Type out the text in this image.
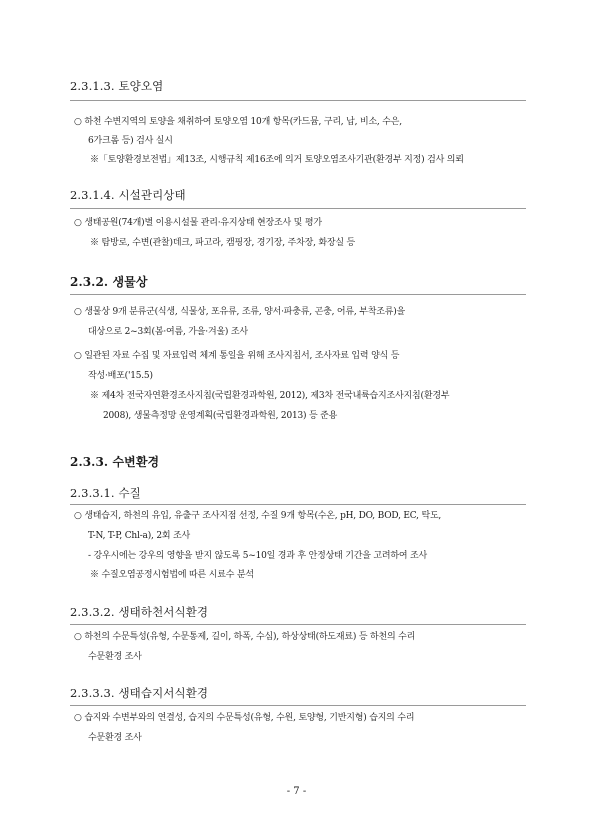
2.3.1.3. 토양오염
○ 하천 수변지역의 토양을 채취하여 토양오염 10개 항목(카드뮴, 구리, 납, 비소, 수은,
6가크롬 등) 검사 실시
※「토양환경보전법」제13조, 시행규칙 제16조에 의거 토양오염조사기관(환경부 지정) 검사 의뢰
2.3.1.4. 시설관리상태
○ 생태공원(74개)별 이용시설물 관리·유지상태 현장조사 및 평가
※ 탐방로, 수변(관찰)데크, 파고라, 캠핑장, 경기장, 주차장, 화장실 등
2.3.2. 생물상
○ 생물상 9개 분류군(식생, 식물상, 포유류, 조류, 양서·파충류, 곤충, 어류, 부착조류)을
대상으로 2~3회(봄·여름, 가을·겨울) 조사
○ 일관된 자료 수집 및 자료입력 체계 통일을 위해 조사지침서, 조사자료 입력 양식 등
작성·배포('15.5)
※ 제4차 전국자연환경조사지침(국립환경과학원, 2012), 제3차 전국내륙습지조사지침(환경부
2008), 생물측정망 운영계획(국립환경과학원, 2013) 등 준용
2.3.3. 수변환경
2.3.3.1. 수질
○ 생태습지, 하천의 유입, 유출구 조사지점 선정, 수질 9개 항목(수온, pH, DO, BOD, EC, 탁도,
T-N, T-P, Chl-a), 2회 조사
- 강우시에는 강우의 영향을 받지 않도록 5~10일 경과 후 안정상태 기간을 고려하여 조사
※ 수질오염공정시험법에 따른 시료수 분석
2.3.3.2. 생태하천서식환경
○ 하천의 수문특성(유형, 수문통제, 길이, 하폭, 수심), 하상상태(하도재료) 등 하천의 수리
수문환경 조사
2.3.3.3. 생태습지서식환경
○ 습지와 수변부와의 연결성, 습지의 수문특성(유형, 수원, 토양형, 기반지형) 습지의 수리
수문환경 조사
- 7 -
